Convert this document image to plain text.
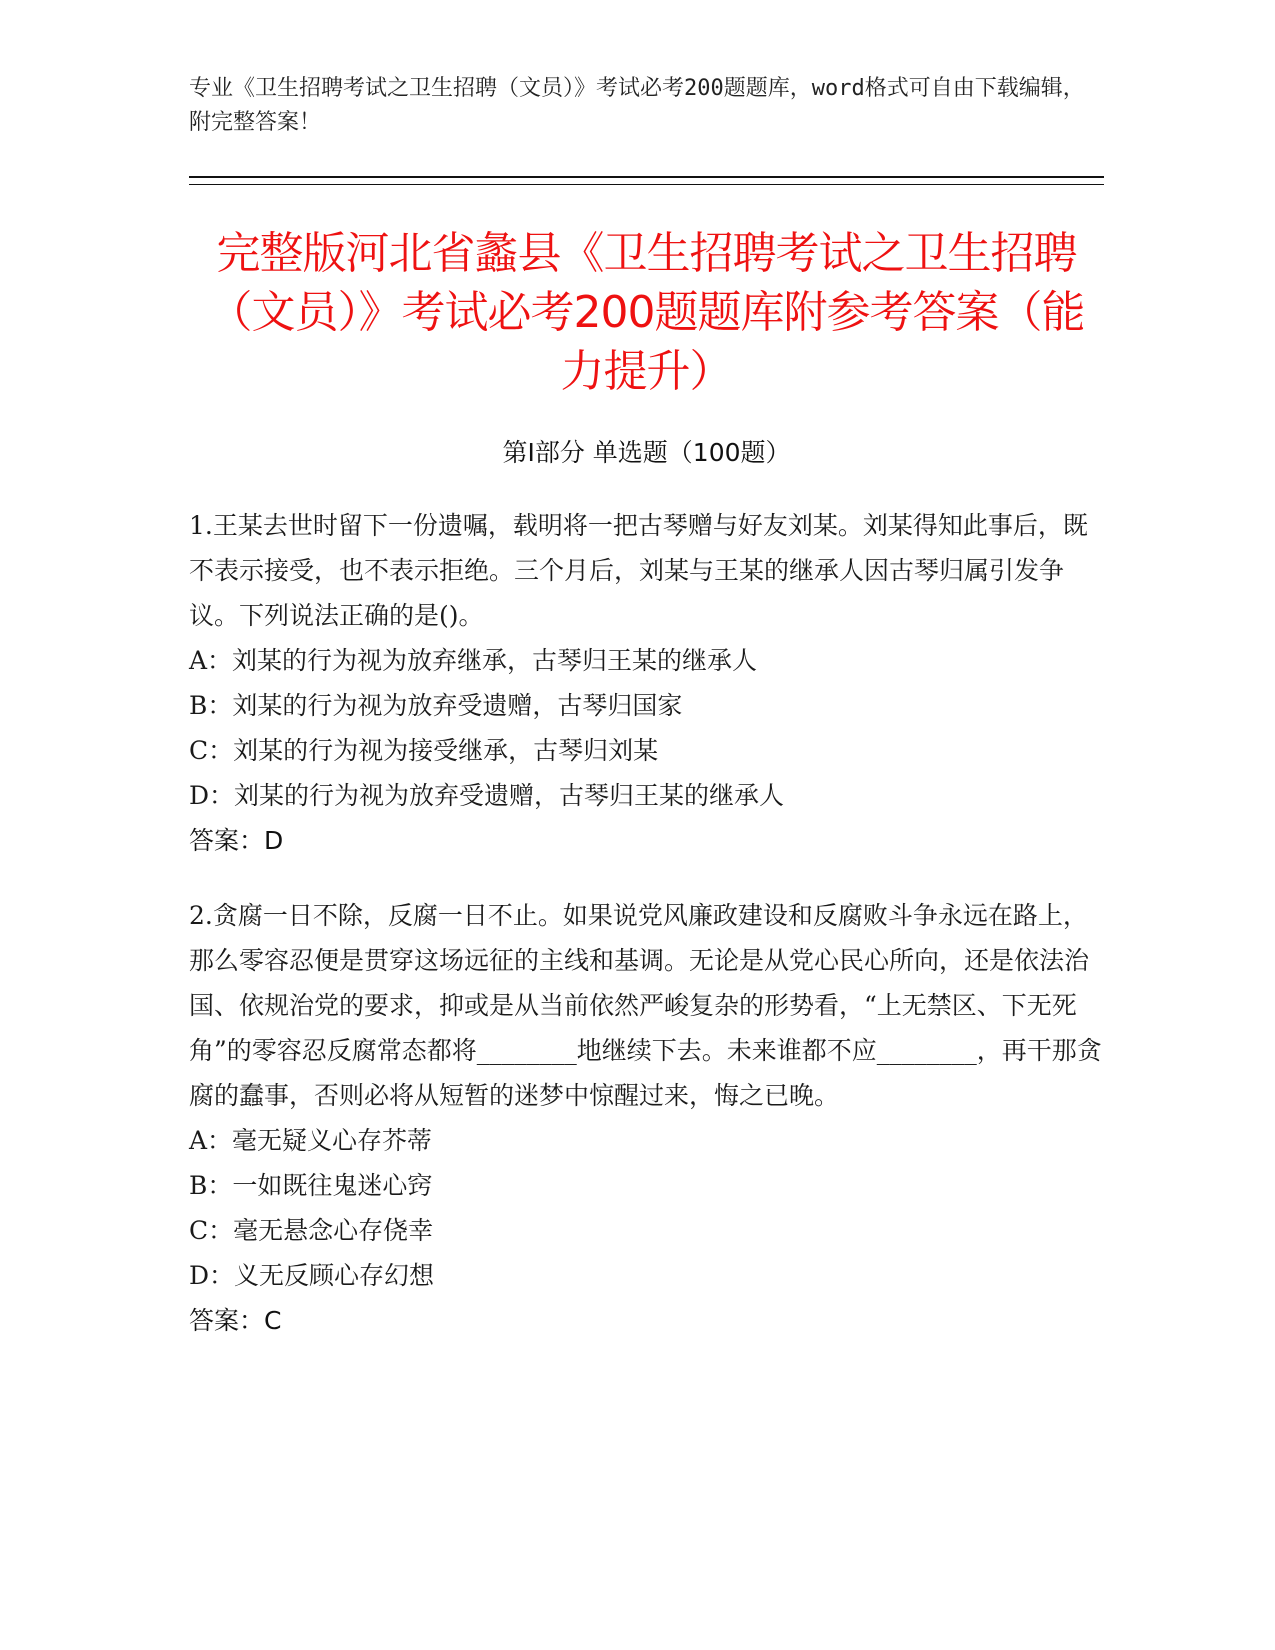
专业《卫生招聘考试之卫生招聘（文员）》考试必考200题题库，word格式可自由下载编辑，附完整答案！

完整版河北省蠡县《卫生招聘考试之卫生招聘（文员）》考试必考200题题库附参考答案（能力提升）
第I部分 单选题（100题）

1.王某去世时留下一份遗嘱，载明将一把古琴赠与好友刘某。刘某得知此事后，既不表示接受，也不表示拒绝。三个月后，刘某与王某的继承人因古琴归属引发争议。下列说法正确的是()。

A：刘某的行为视为放弃继承，古琴归王某的继承人

B：刘某的行为视为放弃受遗赠，古琴归国家

C：刘某的行为视为接受继承，古琴归刘某

D：刘某的行为视为放弃受遗赠，古琴归王某的继承人

答案：D

2.贪腐一日不除，反腐一日不止。如果说党风廉政建设和反腐败斗争永远在路上，那么零容忍便是贯穿这场远征的主线和基调。无论是从党心民心所向，还是依法治国、依规治党的要求，抑或是从当前依然严峻复杂的形势看，“上无禁区、下无死角”的零容忍反腐常态都将________地继续下去。未来谁都不应________，再干那贪腐的蠢事，否则必将从短暂的迷梦中惊醒过来，悔之已晚。

A：毫无疑义心存芥蒂

B：一如既往鬼迷心窍

C：毫无悬念心存侥幸

D：义无反顾心存幻想

答案：C
